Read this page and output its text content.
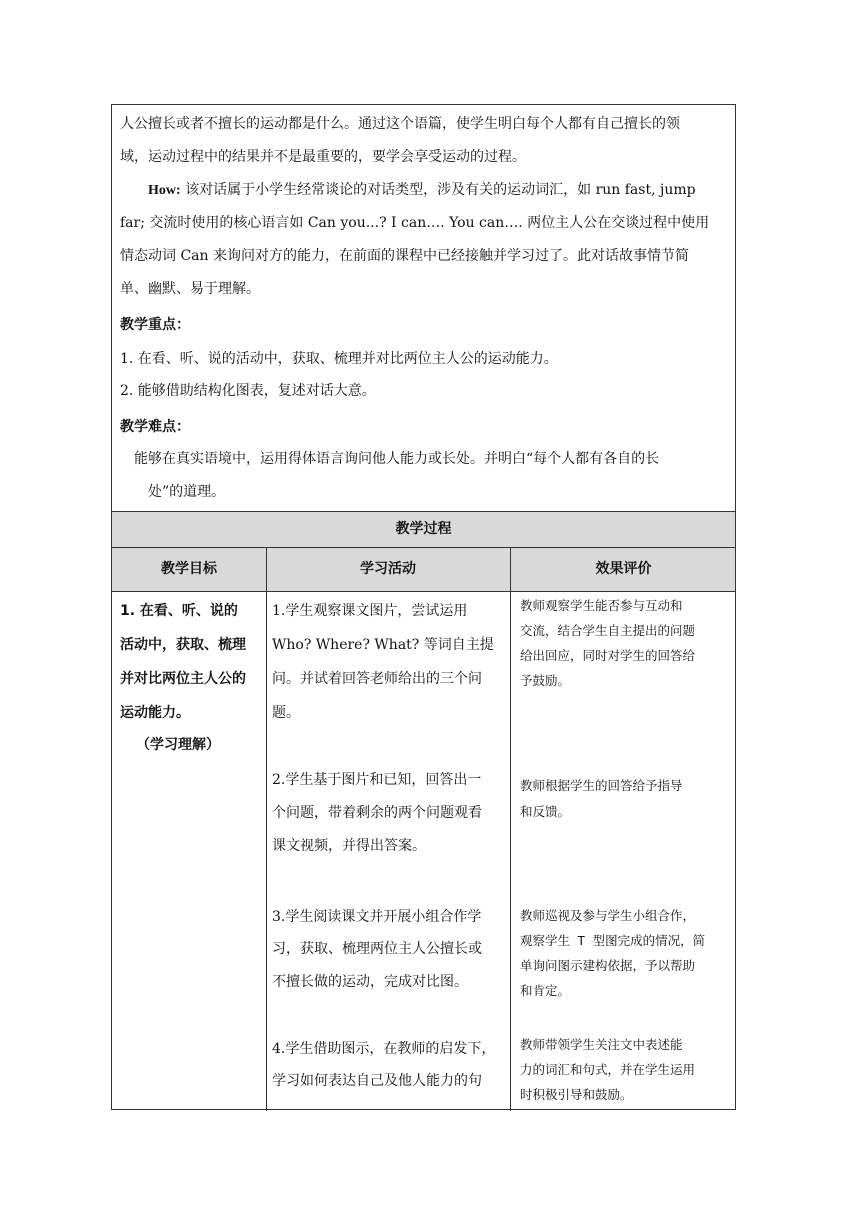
人公擅长或者不擅长的运动都是什么。通过这个语篇，使学生明白每个人都有自己擅长的领
域，运动过程中的结果并不是最重要的，要学会享受运动的过程。
How: 该对话属于小学生经常谈论的对话类型，涉及有关的运动词汇，如 run fast, jump
far; 交流时使用的核心语言如 Can you...? I can…. You can…. 两位主人公在交谈过程中使用
情态动词 Can 来询问对方的能力，在前面的课程中已经接触并学习过了。此对话故事情节简
单、幽默、易于理解。
教学重点：
1. 在看、听、说的活动中，获取、梳理并对比两位主人公的运动能力。
2. 能够借助结构化图表，复述对话大意。
教学难点：
能够在真实语境中，运用得体语言询问他人能力或长处。并明白“每个人都有各自的长
处”的道理。
教学过程
教学目标	学习活动	效果评价
1. 在看、听、说的
活动中，获取、梳理
并对比两位主人公的
运动能力。
（学习理解）
1.学生观察课文图片，尝试运用
Who? Where? What? 等词自主提
问。并试着回答老师给出的三个问
题。
2.学生基于图片和已知，回答出一
个问题，带着剩余的两个问题观看
课文视频，并得出答案。
3.学生阅读课文并开展小组合作学
习，获取、梳理两位主人公擅长或
不擅长做的运动，完成对比图。
4.学生借助图示，在教师的启发下，
学习如何表达自己及他人能力的句
教师观察学生能否参与互动和
交流，结合学生自主提出的问题
给出回应，同时对学生的回答给
予鼓励。
教师根据学生的回答给予指导
和反馈。
教师巡视及参与学生小组合作，
观察学生 T 型图完成的情况，简
单询问图示建构依据，予以帮助
和肯定。
教师带领学生关注文中表述能
力的词汇和句式，并在学生运用
时积极引导和鼓励。
